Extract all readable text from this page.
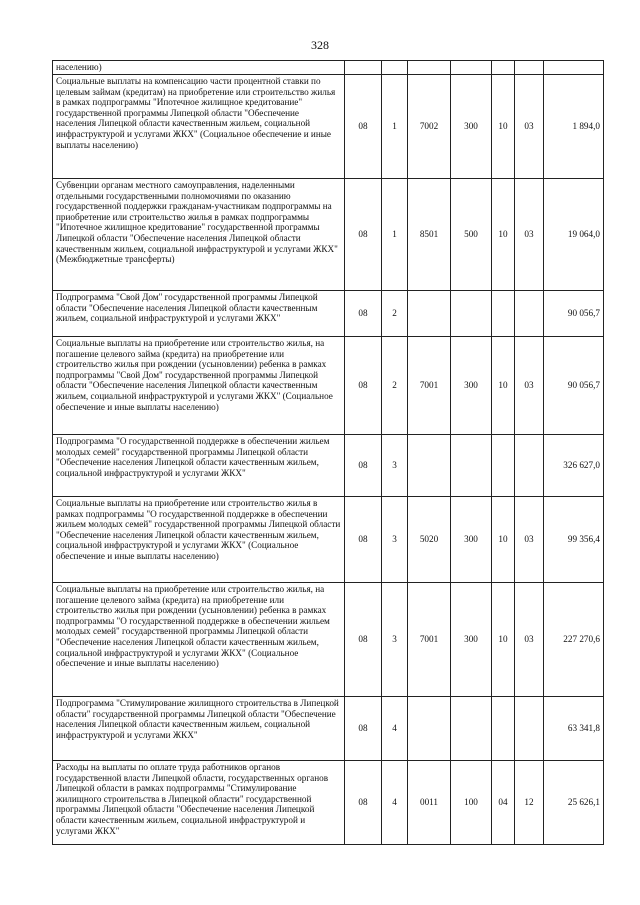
328
населению)							
Социальные выплаты на компенсацию части процентной ставки по целевым займам (кредитам) на приобретение или строительство жилья в рамках подпрограммы "Ипотечное жилищное кредитование" государственной программы Липецкой области "Обеспечение населения Липецкой области качественным жильем, социальной инфраструктурой и услугами ЖКХ" (Социальное обеспечение и иные выплаты населению)	08	1	7002	300	10	03	1 894,0
Субвенции органам местного самоуправления, наделенными отдельными государственными полномочиями по оказанию государственной поддержки гражданам-участникам подпрограммы на приобретение или строительство жилья в рамках подпрограммы "Ипотечное жилищное кредитование" государственной программы Липецкой области "Обеспечение населения Липецкой области качественным жильем, социальной инфраструктурой и услугами ЖКХ" (Межбюджетные трансферты)	08	1	8501	500	10	03	19 064,0
Подпрограмма "Свой Дом" государственной программы Липецкой области "Обеспечение населения Липецкой области качественным жильем, социальной инфраструктурой и услугами ЖКХ"	08	2					90 056,7
Социальные выплаты на приобретение или строительство жилья, на погашение целевого займа (кредита) на приобретение или строительство жилья при рождении (усыновлении) ребенка в рамках подпрограммы "Свой Дом" государственной программы Липецкой области "Обеспечение населения Липецкой области качественным жильем, социальной инфраструктурой и услугами ЖКХ" (Социальное обеспечение и иные выплаты населению)	08	2	7001	300	10	03	90 056,7
Подпрограмма "О государственной поддержке в обеспечении жильем молодых семей" государственной программы Липецкой области "Обеспечение населения Липецкой области качественным жильем, социальной инфраструктурой и услугами ЖКХ"	08	3					326 627,0
Социальные выплаты на приобретение или строительство жилья в рамках подпрограммы "О государственной поддержке в обеспечении жильем молодых семей" государственной программы Липецкой области "Обеспечение населения Липецкой области качественным жильем, социальной инфраструктурой и услугами ЖКХ" (Социальное обеспечение и иные выплаты населению)	08	3	5020	300	10	03	99 356,4
Социальные выплаты на приобретение или строительство жилья, на погашение целевого займа (кредита) на приобретение или строительство жилья при рождении (усыновлении) ребенка в рамках подпрограммы "О государственной поддержке в обеспечении жильем молодых семей" государственной программы Липецкой области "Обеспечение населения Липецкой области качественным жильем, социальной инфраструктурой и услугами ЖКХ" (Социальное обеспечение и иные выплаты населению)	08	3	7001	300	10	03	227 270,6
Подпрограмма "Стимулирование жилищного строительства в Липецкой области" государственной программы Липецкой области "Обеспечение населения Липецкой области качественным жильем, социальной инфраструктурой и услугами ЖКХ"	08	4					63 341,8
Расходы на выплаты по оплате труда работников органов государственной власти Липецкой области, государственных органов Липецкой области в рамках подпрограммы "Стимулирование жилищного строительства в Липецкой области" государственной программы Липецкой области "Обеспечение населения Липецкой области качественным жильем, социальной инфраструктурой и услугами ЖКХ"	08	4	0011	100	04	12	25 626,1
